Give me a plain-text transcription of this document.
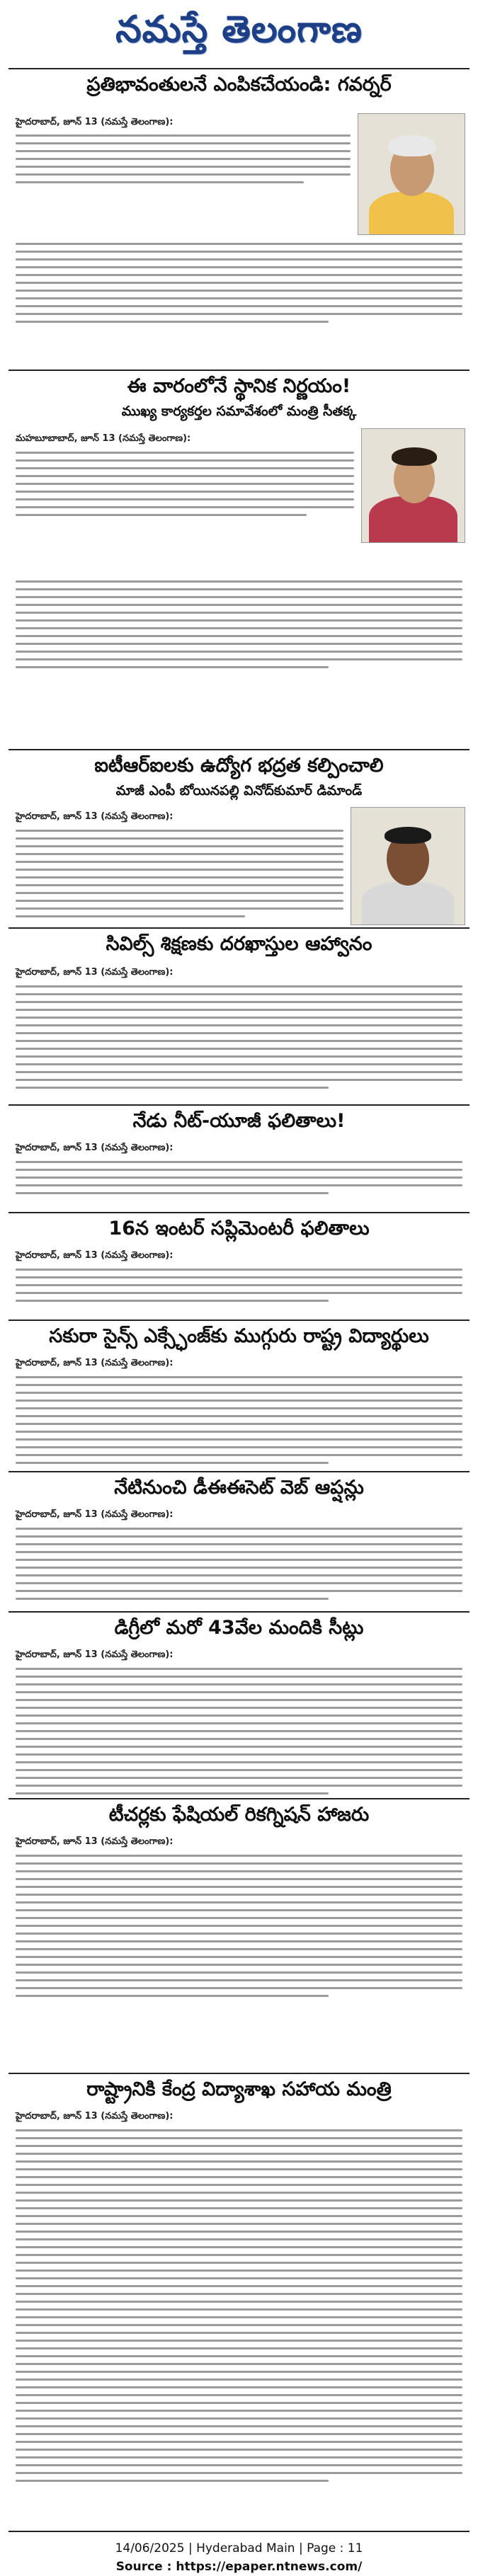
నమస్తే తెలంగాణ
ప్రతిభావంతులనే ఎంపికచేయండి: గవర్నర్
హైదరాబాద్, జూన్ 13 (నమస్తే తెలంగాణ):
ఈ వారంలోనే స్థానిక నిర్ణయం!
ముఖ్య కార్యకర్తల సమావేశంలో మంత్రి సీతక్క
మహబూబాబాద్, జూన్ 13 (నమస్తే తెలంగాణ):
ఐటీఆర్ఐలకు ఉద్యోగ భద్రత కల్పించాలి
మాజీ ఎంపీ బోయినపల్లి వినోద్‌కుమార్ డిమాండ్
హైదరాబాద్, జూన్ 13 (నమస్తే తెలంగాణ):
సివిల్స్ శిక్షణకు దరఖాస్తుల ఆహ్వానం
హైదరాబాద్, జూన్ 13 (నమస్తే తెలంగాణ):
నేడు నీట్-యూజీ ఫలితాలు!
హైదరాబాద్, జూన్ 13 (నమస్తే తెలంగాణ):
16న ఇంటర్ సప్లిమెంటరీ ఫలితాలు
హైదరాబాద్, జూన్ 13 (నమస్తే తెలంగాణ):
సకురా సైన్స్ ఎక్స్ఛేంజ్‌కు ముగ్గురు రాష్ట్ర విద్యార్థులు
హైదరాబాద్, జూన్ 13 (నమస్తే తెలంగాణ):
నేటినుంచి డీఈఈసెట్ వెబ్ ఆప్షన్లు
హైదరాబాద్, జూన్ 13 (నమస్తే తెలంగాణ):
డిగ్రీలో మరో 43వేల మందికి సీట్లు
హైదరాబాద్, జూన్ 13 (నమస్తే తెలంగాణ):
టీచర్లకు ఫేషియల్ రికగ్నిషన్ హాజరు
హైదరాబాద్, జూన్ 13 (నమస్తే తెలంగాణ):
రాష్ట్రానికి కేంద్ర విద్యాశాఖ సహాయ మంత్రి
హైదరాబాద్, జూన్ 13 (నమస్తే తెలంగాణ):
14/06/2025 | Hyderabad Main | Page : 11
Source : https://epaper.ntnews.com/
